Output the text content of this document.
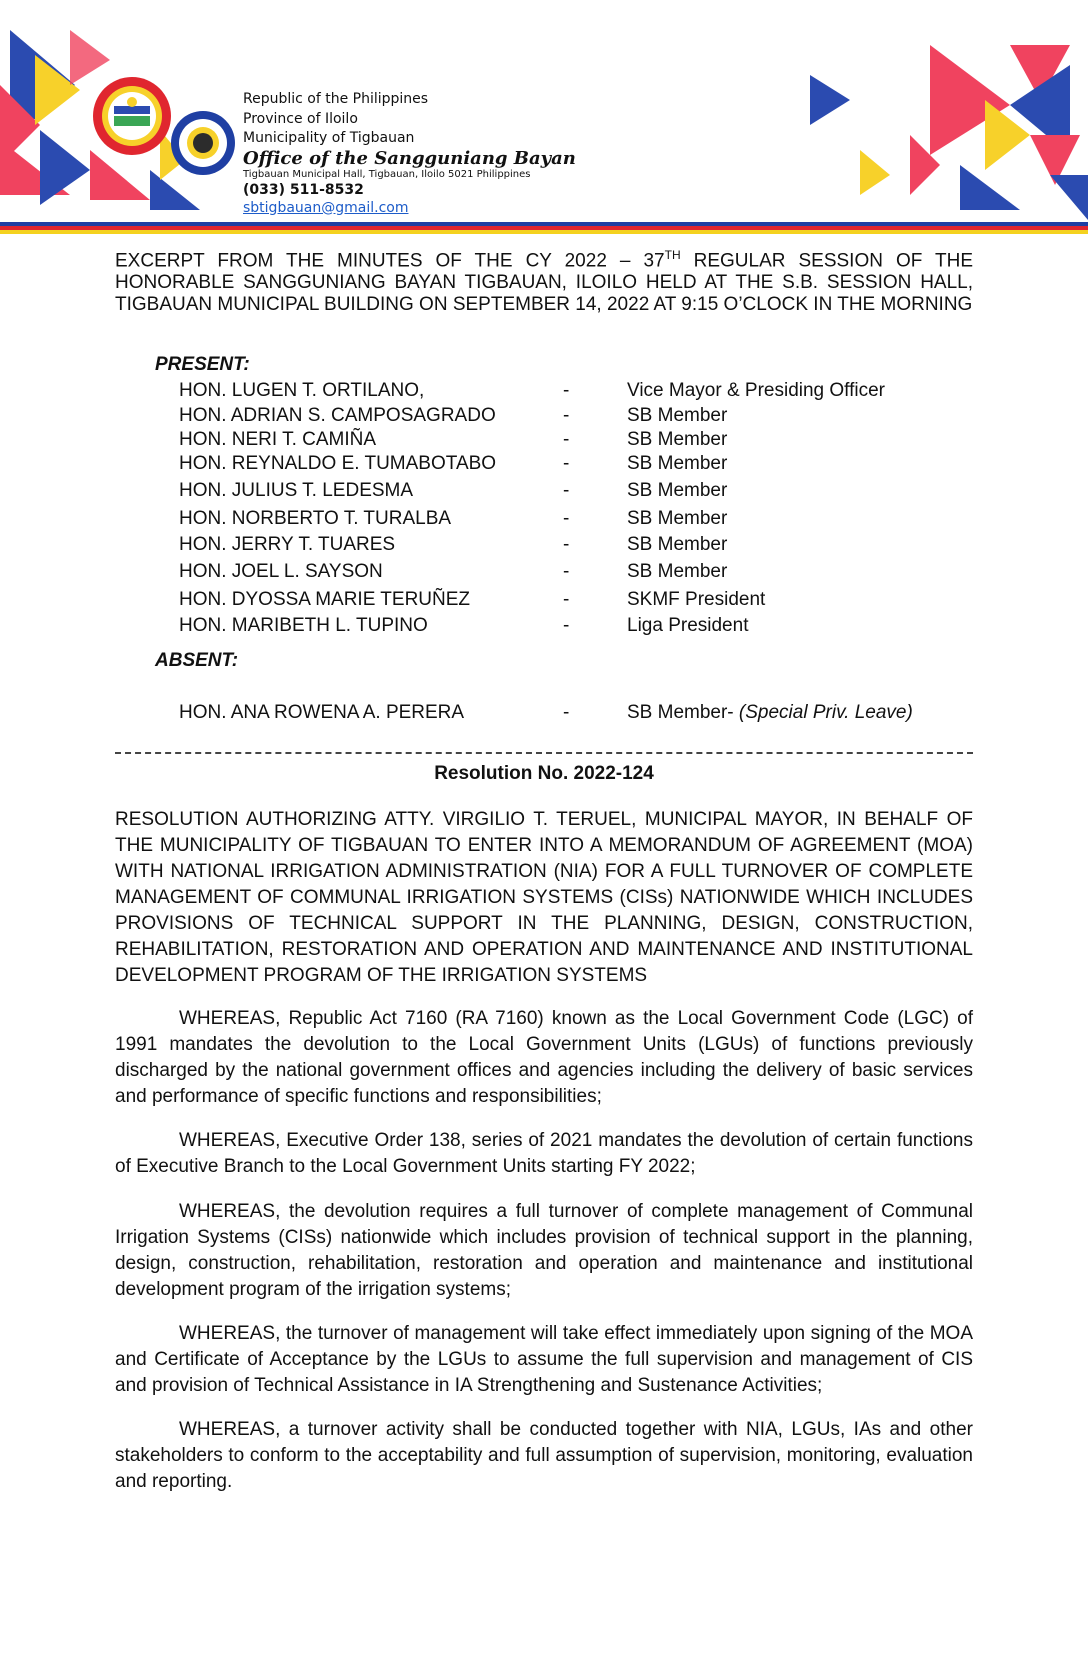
Republic of the Philippines
Province of Iloilo
Municipality of Tigbauan
Office of the Sangguniang Bayan
Tigbauan Municipal Hall, Tigbauan, Iloilo 5021 Philippines
(033) 511-8532
sbtigbauan@gmail.com

EXCERPT FROM THE MINUTES OF THE CY 2022 – 37TH REGULAR SESSION OF THE HONORABLE SANGGUNIANG BAYAN TIGBAUAN, ILOILO HELD AT THE S.B. SESSION HALL, TIGBAUAN MUNICIPAL BUILDING ON SEPTEMBER 14, 2022 AT 9:15 O’CLOCK IN THE MORNING

PRESENT:

HON. LUGEN T. ORTILANO,	-	Vice Mayor & Presiding Officer
HON. ADRIAN S. CAMPOSAGRADO	-	SB Member
HON. NERI T. CAMIÑA	-	SB Member
HON. REYNALDO E. TUMABOTABO	-	SB Member
HON. JULIUS T. LEDESMA	-	SB Member
HON. NORBERTO T. TURALBA	-	SB Member
HON. JERRY T. TUARES	-	SB Member
HON. JOEL L. SAYSON	-	SB Member
HON. DYOSSA MARIE TERUÑEZ	-	SKMF President
HON. MARIBETH L. TUPINO	-	Liga President

ABSENT:

HON. ANA ROWENA A. PERERA	-	SB Member- (Special Priv. Leave)
Resolution No. 2022-124

RESOLUTION AUTHORIZING ATTY. VIRGILIO T. TERUEL, MUNICIPAL MAYOR, IN BEHALF OF THE MUNICIPALITY OF TIGBAUAN TO ENTER INTO A MEMORANDUM OF AGREEMENT (MOA) WITH NATIONAL IRRIGATION ADMINISTRATION (NIA) FOR A FULL TURNOVER OF COMPLETE MANAGEMENT OF COMMUNAL IRRIGATION SYSTEMS (CISs) NATIONWIDE WHICH INCLUDES PROVISIONS OF TECHNICAL SUPPORT IN THE PLANNING, DESIGN, CONSTRUCTION, REHABILITATION, RESTORATION AND OPERATION AND MAINTENANCE AND INSTITUTIONAL DEVELOPMENT PROGRAM OF THE IRRIGATION SYSTEMS

WHEREAS, Republic Act 7160 (RA 7160) known as the Local Government Code (LGC) of 1991 mandates the devolution to the Local Government Units (LGUs) of functions previously discharged by the national government offices and agencies including the delivery of basic services and performance of specific functions and responsibilities;

WHEREAS, Executive Order 138, series of 2021 mandates the devolution of certain functions of Executive Branch to the Local Government Units starting FY 2022;

WHEREAS, the devolution requires a full turnover of complete management of Communal Irrigation Systems (CISs) nationwide which includes provision of technical support in the planning, design, construction, rehabilitation, restoration and operation and maintenance and institutional development program of the irrigation systems;

WHEREAS, the turnover of management will take effect immediately upon signing of the MOA and Certificate of Acceptance by the LGUs to assume the full supervision and management of CIS and provision of Technical Assistance in IA Strengthening and Sustenance Activities;

WHEREAS, a turnover activity shall be conducted together with NIA, LGUs, IAs and other stakeholders to conform to the acceptability and full assumption of supervision, monitoring, evaluation and reporting.
